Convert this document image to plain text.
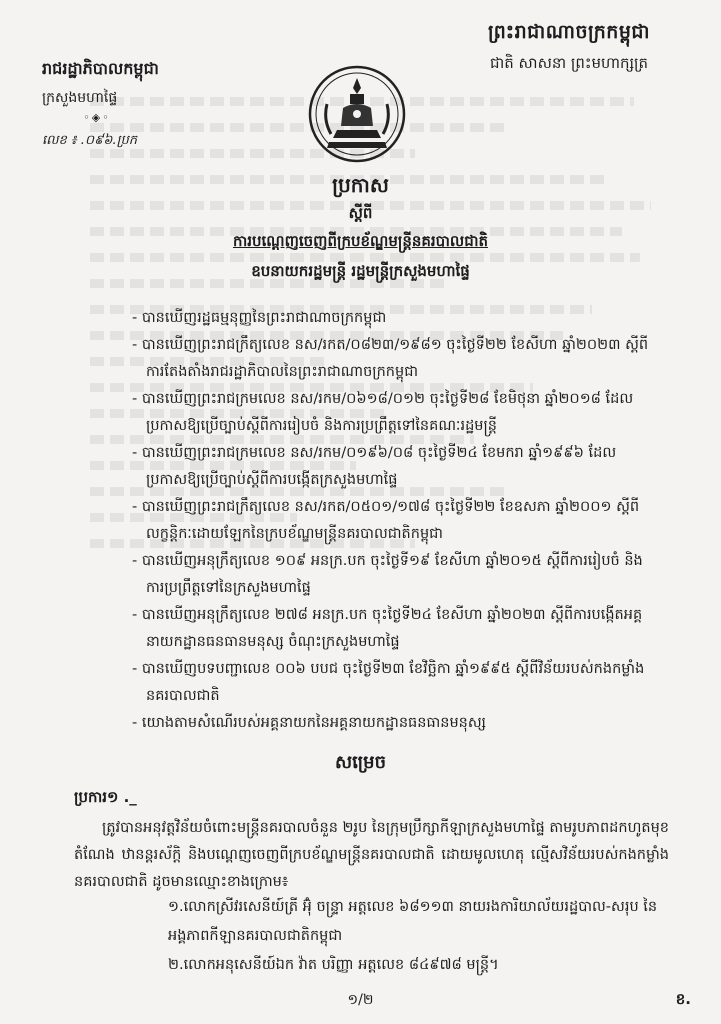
ព្រះរាជាណាចក្រកម្ពុជា
ជាតិ សាសនា ព្រះមហាក្សត្រ
រាជរដ្ឋាភិបាលកម្ពុជា
ក្រសួងមហាផ្ទៃ
◦◈◦
លេខ ៖ .០៩៦.ប្រក
ប្រកាស
ស្តីពី
ការបណ្តេញចេញពីក្របខ័ណ្ឌមន្ត្រីនគរបាលជាតិ
ឧបនាយករដ្ឋមន្ត្រី រដ្ឋមន្ត្រីក្រសួងមហាផ្ទៃ
- បានឃើញរដ្ឋធម្មនុញ្ញនៃព្រះរាជាណាចក្រកម្ពុជា
- បានឃើញព្រះរាជក្រឹត្យលេខ នស/រកត/០៨២៣/១៩៨១ ចុះថ្ងៃទី២២ ខែសីហា ឆ្នាំ២០២៣ ស្តីពីការតែងតាំងរាជរដ្ឋាភិបាលនៃព្រះរាជាណាចក្រកម្ពុជា
- បានឃើញព្រះរាជក្រមលេខ នស/រកម/០៦១៨/០១២ ចុះថ្ងៃទី២៨ ខែមិថុនា ឆ្នាំ២០១៨ ដែលប្រកាសឱ្យប្រើច្បាប់ស្តីពីការរៀបចំ និងការប្រព្រឹត្តទៅនៃគណៈរដ្ឋមន្ត្រី
- បានឃើញព្រះរាជក្រមលេខ នស/រកម/០១៩៦/០៨ ចុះថ្ងៃទី២៤ ខែមករា ឆ្នាំ១៩៩៦ ដែលប្រកាសឱ្យប្រើច្បាប់ស្តីពីការបង្កើតក្រសួងមហាផ្ទៃ
- បានឃើញព្រះរាជក្រឹត្យលេខ នស/រកត/០៥០១/១៧៨ ចុះថ្ងៃទី២២ ខែឧសភា ឆ្នាំ២០០១ ស្តីពីលក្ខន្តិកៈដោយឡែកនៃក្របខ័ណ្ឌមន្ត្រីនគរបាលជាតិកម្ពុជា
- បានឃើញអនុក្រឹត្យលេខ ១០៩ អនក្រ.បក ចុះថ្ងៃទី១៩ ខែសីហា ឆ្នាំ២០១៥ ស្តីពីការរៀបចំ និងការប្រព្រឹត្តទៅនៃក្រសួងមហាផ្ទៃ
- បានឃើញអនុក្រឹត្យលេខ ២៧៨ អនក្រ.បក ចុះថ្ងៃទី២៤ ខែសីហា ឆ្នាំ២០២៣ ស្តីពីការបង្កើតអគ្គនាយកដ្ឋានធនធានមនុស្ស ចំណុះក្រសួងមហាផ្ទៃ
- បានឃើញបទបញ្ជាលេខ ០០៦ បបជ ចុះថ្ងៃទី២៣ ខែវិច្ឆិកា ឆ្នាំ១៩៩៥ ស្តីពីវិន័យរបស់កងកម្លាំងនគរបាលជាតិ
- យោងតាមសំណើរបស់អគ្គនាយកនៃអគ្គនាយកដ្ឋានធនធានមនុស្ស
សម្រេច
ប្រការ១ ._
ត្រូវបានអនុវត្តវិន័យចំពោះមន្ត្រីនគរបាលចំនួន ២រូប នៃក្រុមប្រឹក្សាកីឡាក្រសួងមហាផ្ទៃ តាមរូបភាពដកហូតមុខតំណែង ឋានន្តរស័ក្តិ និងបណ្តេញចេញពីក្របខ័ណ្ឌមន្ត្រីនគរបាលជាតិ ដោយមូលហេតុ ល្មើសវិន័យរបស់កងកម្លាំងនគរបាលជាតិ ដូចមានឈ្មោះខាងក្រោម៖
១.លោកស្រីវរសេនីយ៍ត្រី អ៊ុំ ចន្ទ្រា អត្តលេខ ៦៨១១៣ នាយរងការិយាល័យរដ្ឋបាល-សរុប នៃអង្គភាពកីឡានគរបាលជាតិកម្ពុជា
២.លោកអនុសេនីយ៍ឯក វ៉ាត បរិញ្ញា អត្តលេខ ៨៤៩៧៨ មន្ត្រី។
១/២	ខ.
